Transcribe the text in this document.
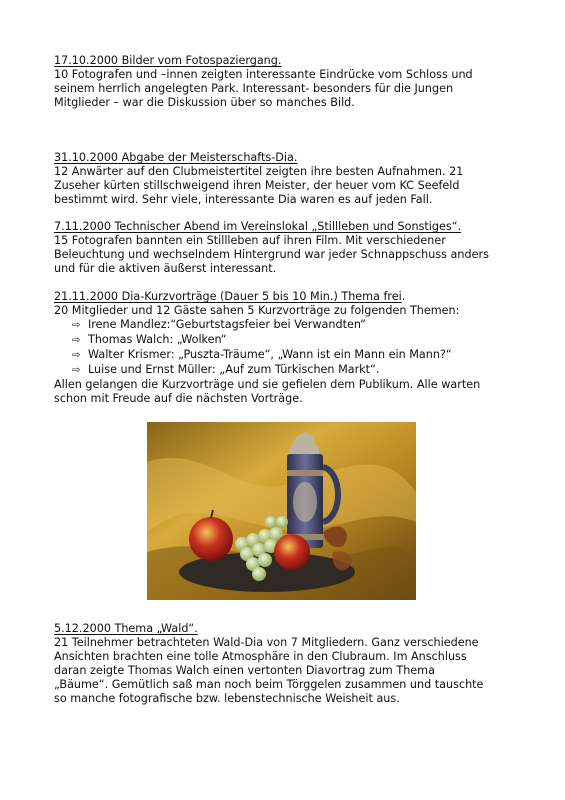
17.10.2000 Bilder vom Fotospaziergang.

10 Fotografen und –innen zeigten interessante Eindrücke vom Schloss und

seinem herrlich angelegten Park. Interessant- besonders für die Jungen

Mitglieder – war die Diskussion über so manches Bild.

31.10.2000 Abgabe der Meisterschafts-Dia.

12 Anwärter auf den Clubmeistertitel zeigten ihre besten Aufnahmen. 21

Zuseher kürten stillschweigend ihren Meister, der heuer vom KC Seefeld

bestimmt wird. Sehr viele, interessante Dia waren es auf jeden Fall.

7.11.2000 Technischer Abend im Vereinslokal „Stillleben und Sonstiges“.

15 Fotografen bannten ein Stillleben auf ihren Film. Mit verschiedener

Beleuchtung und wechselndem Hintergrund war jeder Schnappschuss anders

und für die aktiven äußerst interessant.

21.11.2000 Dia-Kurzvorträge (Dauer 5 bis 10 Min.) Thema frei.

20 Mitglieder und 12 Gäste sahen 5 Kurzvorträge zu folgenden Themen:

⇨ Irene Mandlez:“Geburtstagsfeier bei Verwandten“
⇨ Thomas Walch: „Wolken“
⇨ Walter Krismer: „Puszta-Träume“, „Wann ist ein Mann ein Mann?“
⇨ Luise und Ernst Müller: „Auf zum Türkischen Markt“.

Allen gelangen die Kurzvorträge und sie gefielen dem Publikum. Alle warten

schon mit Freude auf die nächsten Vorträge.

5.12.2000 Thema „Wald“.

21 Teilnehmer betrachteten Wald-Dia von 7 Mitgliedern. Ganz verschiedene

Ansichten brachten eine tolle Atmosphäre in den Clubraum. Im Anschluss

daran zeigte Thomas Walch einen vertonten Diavortrag zum Thema

„Bäume“. Gemütlich saß man noch beim Törggelen zusammen und tauschte

so manche fotografische bzw. lebenstechnische Weisheit aus.
